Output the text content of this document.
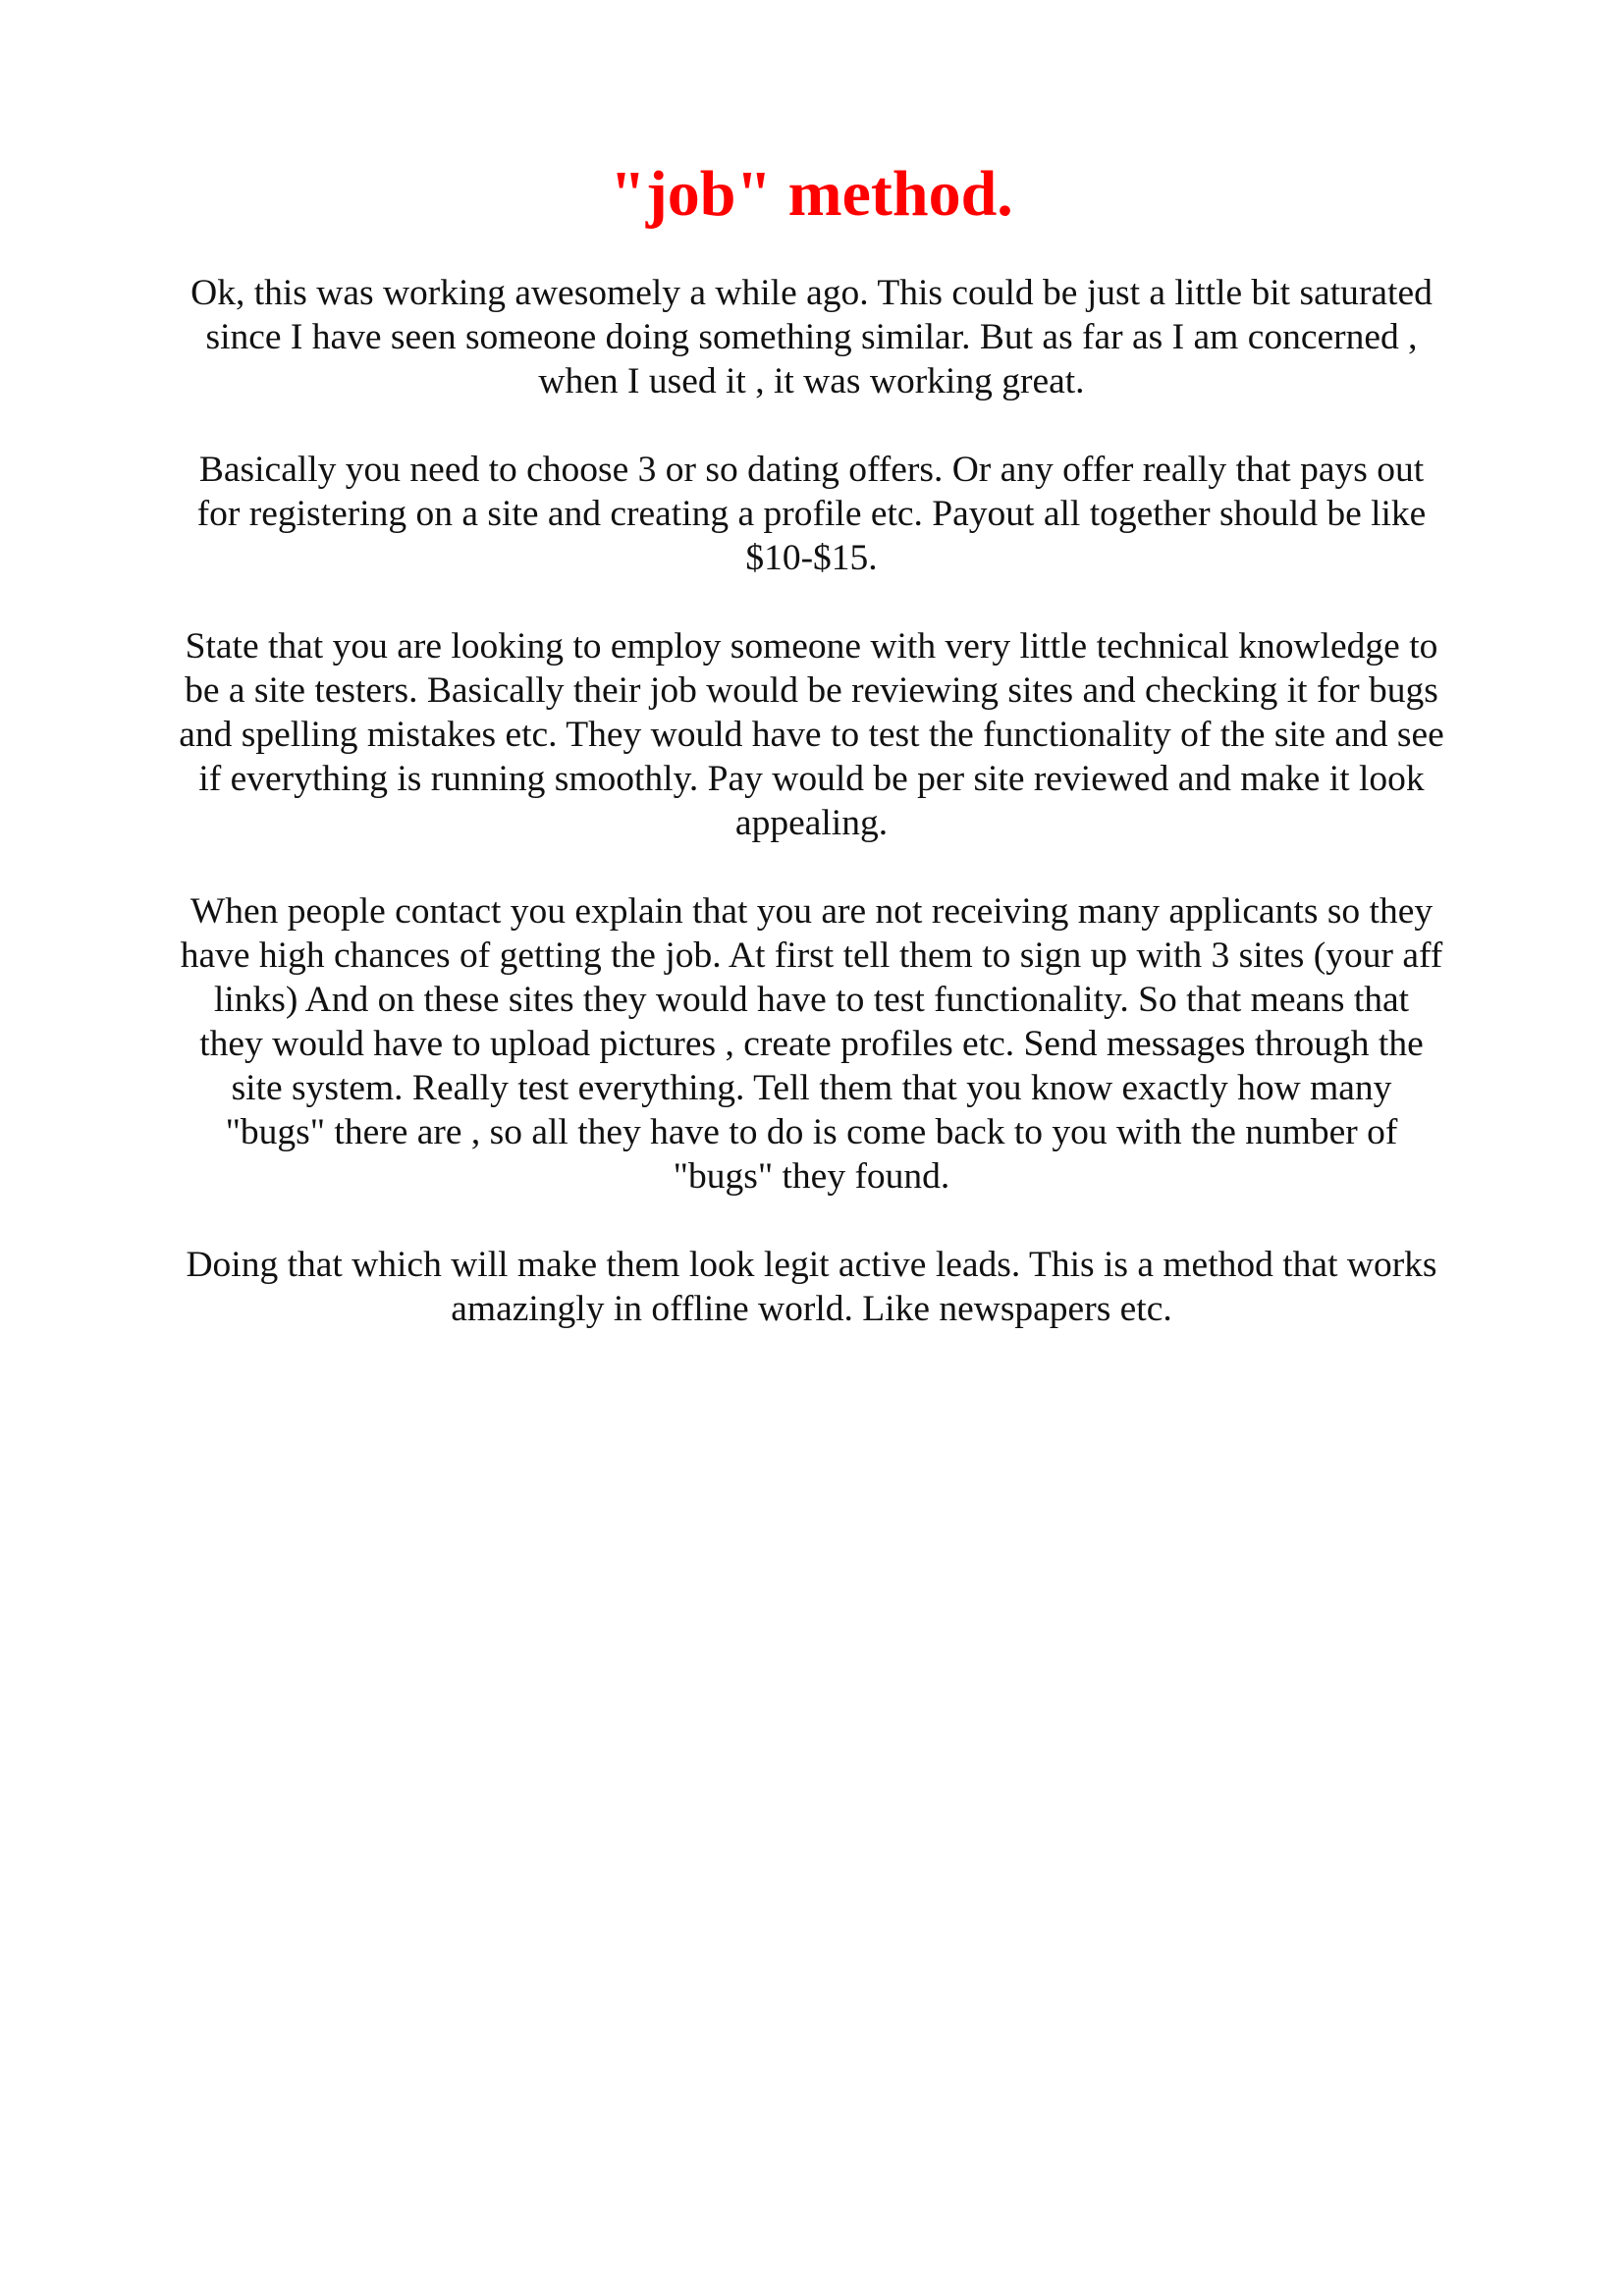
"job" method.

Ok, this was working awesomely a while ago. This could be just a little bit saturated
since I have seen someone doing something similar. But as far as I am concerned ,
when I used it , it was working great.

Basically you need to choose 3 or so dating offers. Or any offer really that pays out
for registering on a site and creating a profile etc. Payout all together should be like
$10-$15.

State that you are looking to employ someone with very little technical knowledge to
be a site testers. Basically their job would be reviewing sites and checking it for bugs
and spelling mistakes etc. They would have to test the functionality of the site and see
if everything is running smoothly. Pay would be per site reviewed and make it look
appealing.

When people contact you explain that you are not receiving many applicants so they
have high chances of getting the job. At first tell them to sign up with 3 sites (your aff
links) And on these sites they would have to test functionality. So that means that
they would have to upload pictures , create profiles etc. Send messages through the
site system. Really test everything. Tell them that you know exactly how many
"bugs" there are , so all they have to do is come back to you with the number of
"bugs" they found.

Doing that which will make them look legit active leads. This is a method that works
amazingly in offline world. Like newspapers etc.
